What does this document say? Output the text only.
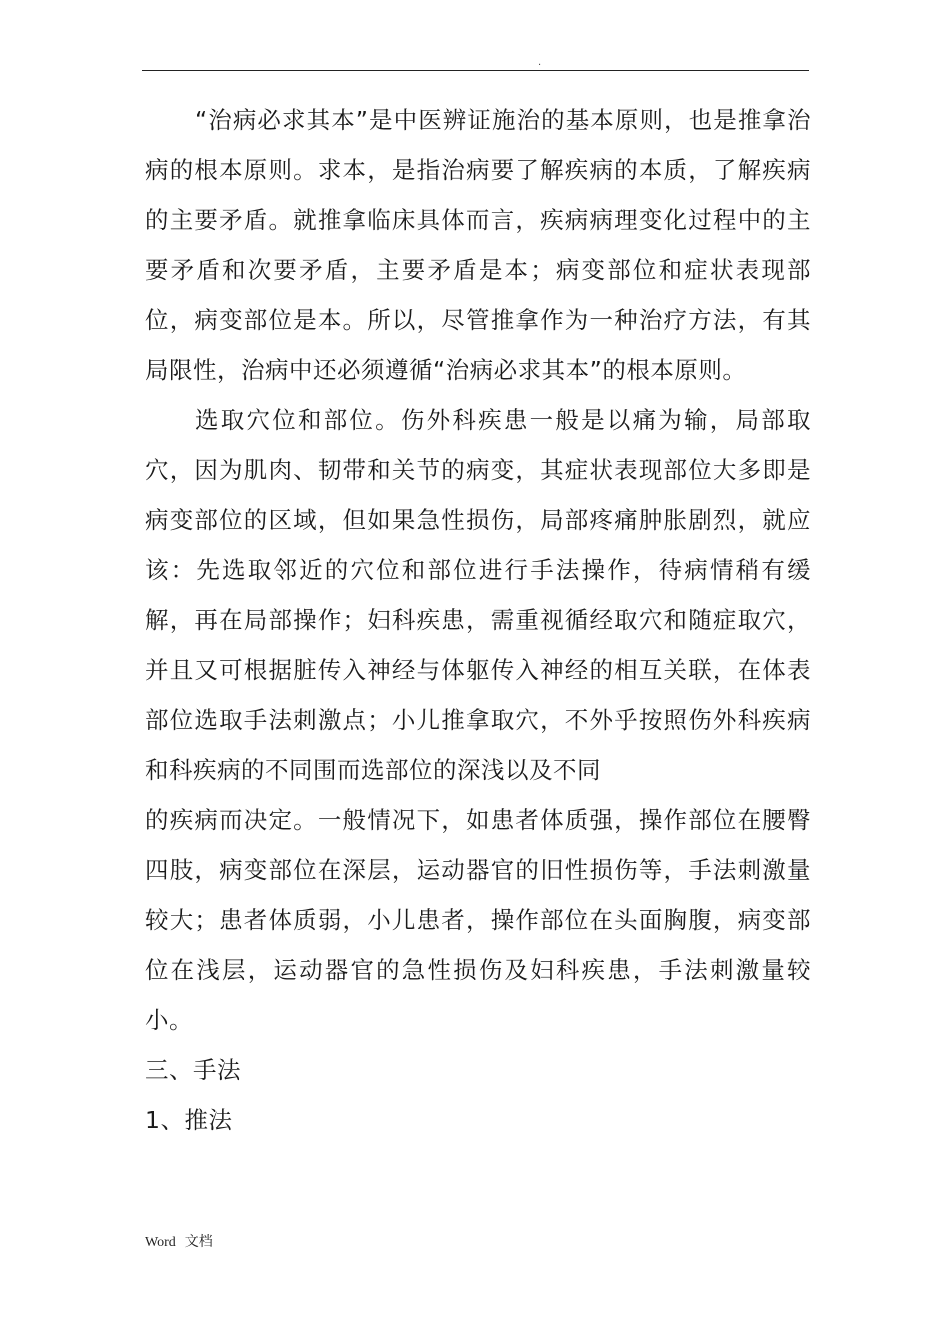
.

“治病必求其本”是中医辨证施治的基本原则，也是推拿治病的根本原则。求本，是指治病要了解疾病的本质，了解疾病的主要矛盾。就推拿临床具体而言，疾病病理变化过程中的主要矛盾和次要矛盾，主要矛盾是本；病变部位和症状表现部位，病变部位是本。所以，尽管推拿作为一种治疗方法，有其局限性，治病中还必须遵循“治病必求其本”的根本原则。

选取穴位和部位。伤外科疾患一般是以痛为输，局部取穴，因为肌肉、韧带和关节的病变，其症状表现部位大多即是病变部位的区域，但如果急性损伤，局部疼痛肿胀剧烈，就应该：先选取邻近的穴位和部位进行手法操作，待病情稍有缓解，再在局部操作；妇科疾患，需重视循经取穴和随症取穴，并且又可根据脏传入神经与体躯传入神经的相互关联，在体表部位选取手法刺激点；小儿推拿取穴，不外乎按照伤外科疾病和科疾病的不同围而选部位的深浅以及不同

的疾病而决定。一般情况下，如患者体质强，操作部位在腰臀四肢，病变部位在深层，运动器官的旧性损伤等，手法刺激量较大；患者体质弱，小儿患者，操作部位在头面胸腹，病变部位在浅层，运动器官的急性损伤及妇科疾患，手法刺激量较小。

三、手法

1、推法

Word 文档
